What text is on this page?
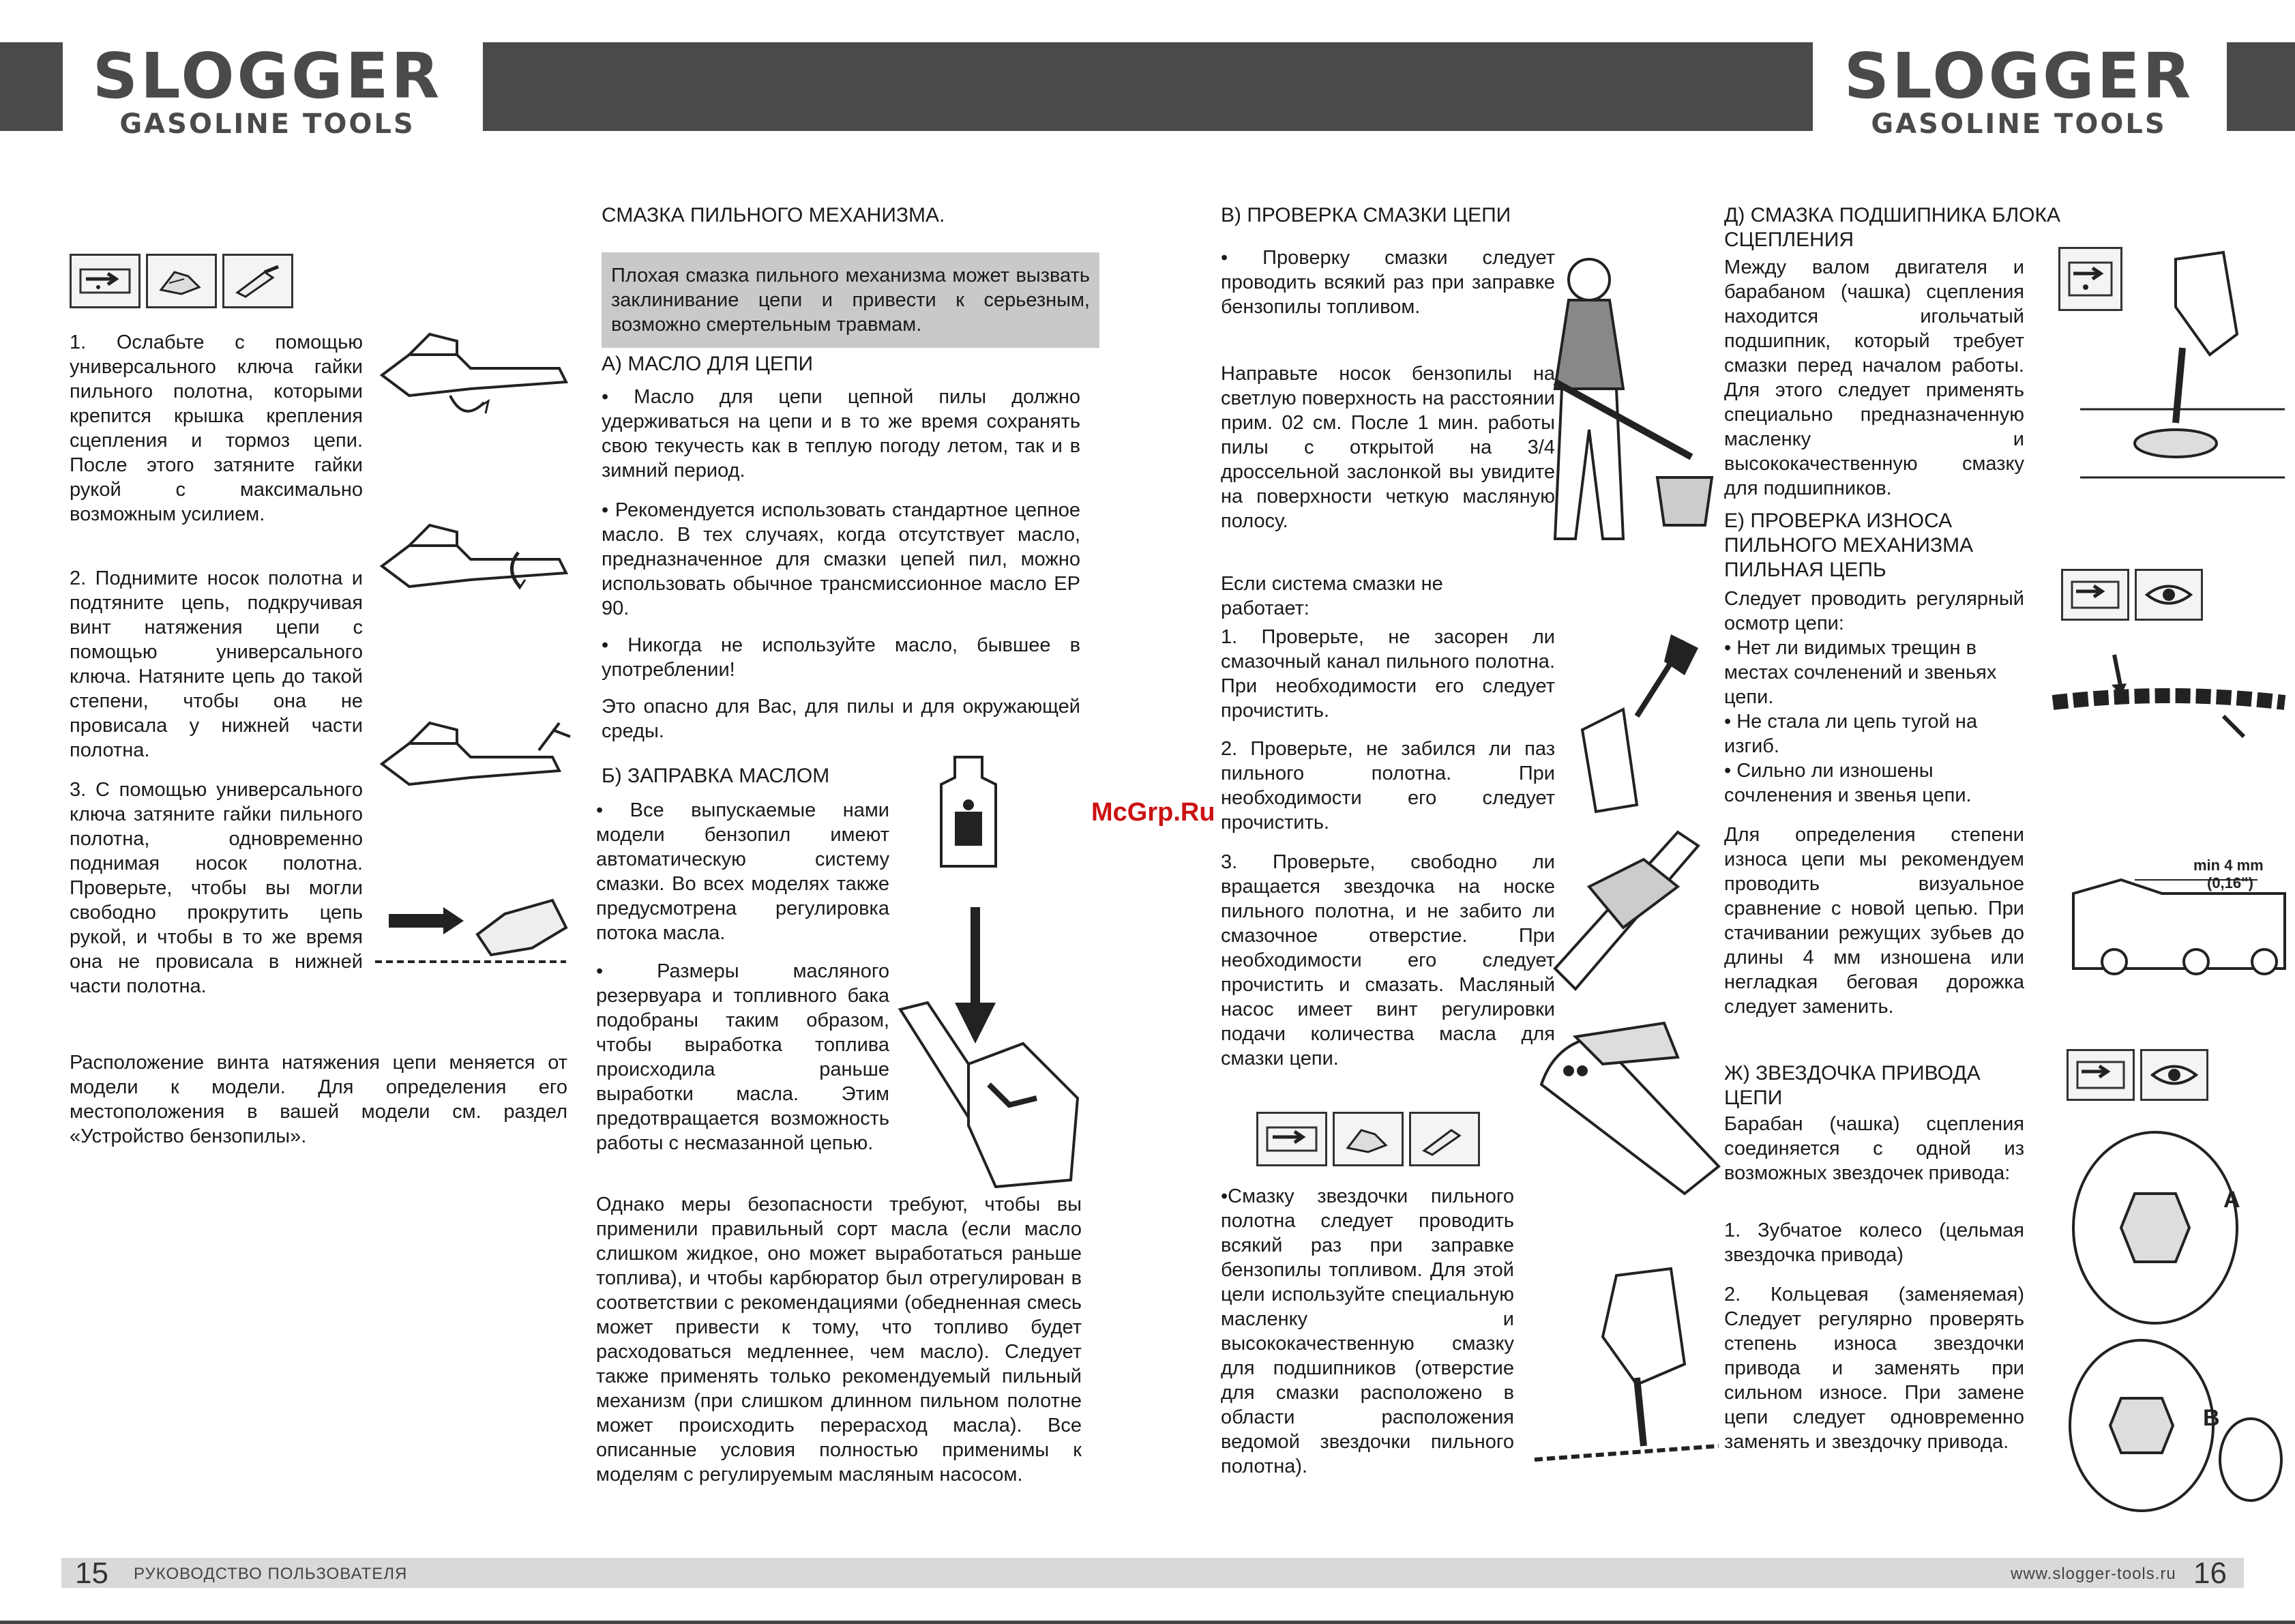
SLOGGER
GASOLINE TOOLS
SLOGGER
GASOLINE TOOLS
1. Ослабьте с помощью универсального ключа гайки пильного полотна, которыми крепится крышка крепления сцепления и тормоз цепи. После этого затяните гайки рукой с максимально возможным усилием.
2. Поднимите носок полотна и подтяните цепь, подкручивая винт натяжения цепи с помощью универсального ключа. Натяните цепь до такой степени, чтобы она не провисала у нижней части полотна.
3. С помощью универсального ключа затяните гайки пильного полотна, одновременно поднимая носок полотна. Проверьте, чтобы вы могли свободно прокрутить цепь рукой, и чтобы в то же время она не провисала в нижней части полотна.
Расположение винта натяжения цепи меняется от модели к модели. Для определения его местоположения в вашей модели см. раздел «Устройство бензопилы».
СМАЗКА ПИЛЬНОГО МЕХАНИЗМА.
Плохая смазка пильного механизма может вызвать заклинивание цепи и привести к серьезным, возможно смертельным травмам.
А) МАСЛО ДЛЯ ЦЕПИ
• Масло для цепи цепной пилы должно удерживаться на цепи и в то же время сохранять свою текучесть как в теплую погоду летом, так и в зимний период.
• Рекомендуется использовать стандартное цепное масло. В тех случаях, когда отсутствует масло, предназначенное для смазки цепей пил, можно использовать обычное трансмиссионное масло EP 90.
• Никогда не используйте масло, бывшее в употреблении!
Это опасно для Вас, для пилы и для окружающей среды.
Б) ЗАПРАВКА МАСЛОМ
• Все выпускаемые нами модели бензопил имеют автоматическую систему смазки. Во всех моделях также предусмотрена регулировка потока масла.
• Размеры масляного резервуара и топливного бака подобраны таким образом, чтобы выработка топлива происходила раньше выработки масла. Этим предотвращается возможность работы с несмазанной цепью.
Однако меры безопасности требуют, чтобы вы применили правильный сорт масла (если масло слишком жидкое, оно может выработаться раньше топлива), и чтобы карбюратор был отрегулирован в соответствии с рекомендациями (обедненная смесь может привести к тому, что топливо будет расходоваться медленнее, чем масло). Следует также применять только рекомендуемый пильный механизм (при слишком длинном пильном полотне может происходить перерасход масла). Все описанные условия полностью применимы к моделям с регулируемым масляным насосом.
В) ПРОВЕРКА СМАЗКИ ЦЕПИ
• Проверку смазки следует проводить всякий раз при заправке бензопилы топливом.
Направьте носок бензопилы на светлую поверхность на расстоянии прим. 02 см. После 1 мин. работы пилы с открытой на 3/4 дроссельной заслонкой вы увидите на поверхности четкую масляную полосу.
Если система смазки не работает:
1. Проверьте, не засорен ли смазочный канал пильного полотна. При необходимости его следует прочистить.
2. Проверьте, не забился ли паз пильного полотна. При необходимости его следует прочистить.
3. Проверьте, свободно ли вращается звездочка на носке пильного полотна, и не забито ли смазочное отверстие. При необходимости его следует прочистить и смазать. Масляный насос имеет винт регулировки подачи количества масла для смазки цепи.
•Смазку звездочки пильного полотна следует проводить всякий раз при заправке бензопилы топливом. Для этой цели используйте специальную масленку и высококачественную смазку для подшипников (отверстие для смазки расположено в области расположения ведомой звездочки пильного полотна).
Д) СМАЗКА ПОДШИПНИКА БЛОКА СЦЕПЛЕНИЯ
Между валом двигателя и барабаном (чашка) сцепления находится игольчатый подшипник, который требует смазки перед началом работы. Для этого следует применять специально предназначенную масленку и высококачественную смазку для подшипников.
Е) ПРОВЕРКА ИЗНОСА ПИЛЬНОГО МЕХАНИЗМА ПИЛЬНАЯ ЦЕПЬ
Следует проводить регулярный осмотр цепи:
• Нет ли видимых трещин в местах сочленений и звеньях цепи.
• Не стала ли цепь тугой на изгиб.
• Сильно ли изношены сочленения и звенья цепи.
Для определения степени износа цепи мы рекомендуем проводить визуальное сравнение с новой цепью. При стачивании режущих зубьев до длины 4 мм изношена или негладкая беговая дорожка следует заменить.
Ж) ЗВЕЗДОЧКА ПРИВОДА ЦЕПИ
Барабан (чашка) сцепления соединяется с одной из возможных звездочек привода:
1. Зубчатое колесо (цельмая звездочка привода)
2. Кольцевая (заменяемая) Следует регулярно проверять степень износа звездочки привода и заменять при сильном износе. При замене цепи следует одновременно заменять и звездочку привода.
min 4 mm
(0,16")
A
B
McGrp.Ru
15 РУКОВОДСТВО ПОЛЬЗОВАТЕЛЯ	www.slogger-tools.ru 16
